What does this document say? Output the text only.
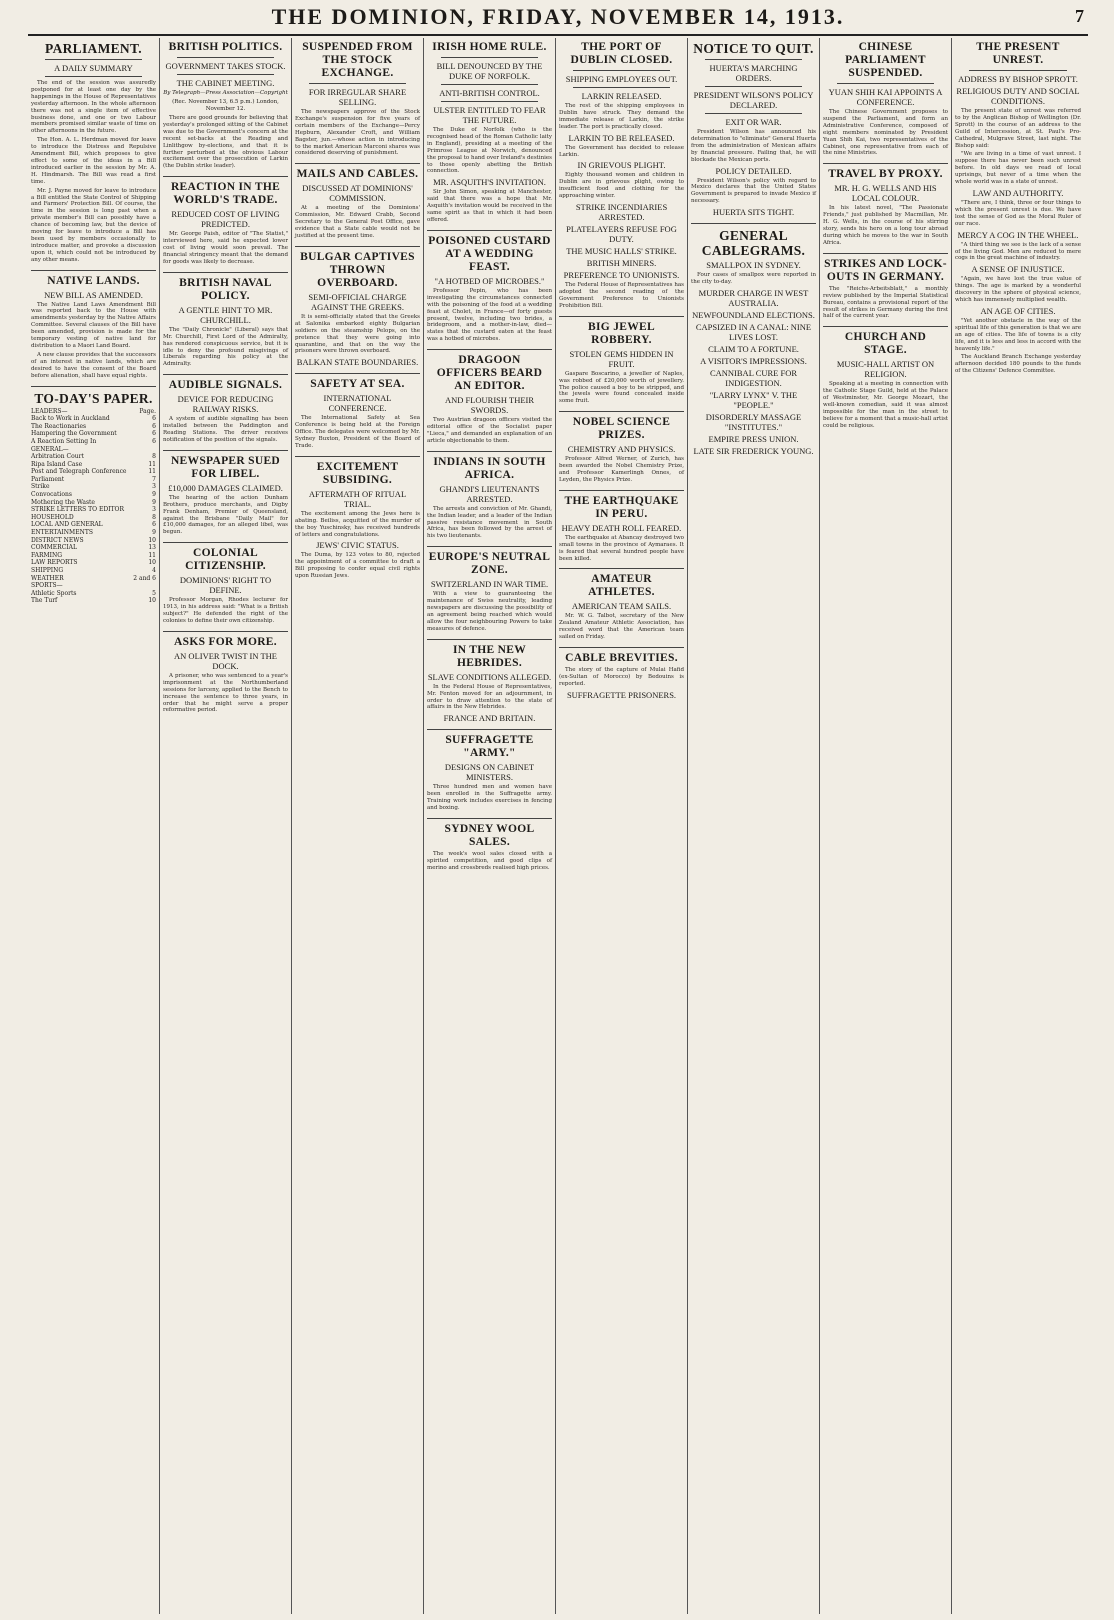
THE DOMINION, FRIDAY, NOVEMBER 14, 1913.	7
PARLIAMENT.
A DAILY SUMMARY

The end of the session was assuredly postponed for at least one day by the happenings in the House of Representatives yesterday afternoon. In the whole afternoon there was not a single item of effective business done, and one or two Labour members promised similar waste of time on other afternoons in the future.

The Hon. A. L. Herdman moved for leave to introduce the Distress and Repulsive Amendment Bill, which proposes to give effect to some of the ideas in a Bill introduced earlier in the session by Mr. A. H. Hindmarsh. The Bill was read a first time.

Mr. J. Payne moved for leave to introduce a Bill entitled the State Control of Shipping and Farmers' Protection Bill. Of course, the time in the session is long past when a private member's Bill can possibly have a chance of becoming law, but the device of moving for leave to introduce a Bill has been used by members occasionally to introduce matter, and provoke a discussion upon it, which could not be introduced by any other means.

NATIVE LANDS.
NEW BILL AS AMENDED.

The Native Land Laws Amendment Bill was reported back to the House with amendments yesterday by the Native Affairs Committee. Several clauses of the Bill have been amended, provision is made for the temporary vesting of native land for distribution to a Maori Land Board.

A new clause provides that the successors of an interest in native lands, which are desired to have the consent of the Board before alienation, shall have equal rights.

TO-DAY'S PAPER.
LEADERS—	Page.
Back to Work in Auckland	6
The Reactionaries	6
Hampering the Government	6
A Reaction Setting In	6
GENERAL—
Arbitration Court	8
Ripa Island Case	11
Post and Telegraph Conference	11
Parliament	7
Strike	3
Convocations	9
Mothering the Waste	9
STRIKE LETTERS TO EDITOR	3
HOUSEHOLD	8
LOCAL AND GENERAL	6
ENTERTAINMENTS	9
DISTRICT NEWS	10
COMMERCIAL	13
FARMING	11
LAW REPORTS	10
SHIPPING	4
WEATHER	2 and 6
SPORTS—
Athletic Sports	5
The Turf	10
BRITISH POLITICS.
GOVERNMENT TAKES STOCK.
THE CABINET MEETING.
By Telegraph—Press Association—Copyright
(Rec. November 13, 6.5 p.m.) London, November 12.

There are good grounds for believing that yesterday's prolonged sitting of the Cabinet was due to the Government's concern at the recent set-backs at the Reading and Linlithgow by-elections, and that it is further perturbed at the obvious Labour excitement over the prosecution of Larkin (the Dublin strike leader).

REACTION IN THE WORLD'S TRADE.
REDUCED COST OF LIVING PREDICTED.

Mr. George Paish, editor of "The Statist," interviewed here, said he expected lower cost of living would soon prevail. The financial stringency meant that the demand for goods was likely to decrease.

BRITISH NAVAL POLICY.
A GENTLE HINT TO MR. CHURCHILL.

The "Daily Chronicle" (Liberal) says that Mr. Churchill, First Lord of the Admiralty, has rendered conspicuous service, but it is idle to deny the profound misgivings of Liberals regarding his policy at the Admiralty.

AUDIBLE SIGNALS.
DEVICE FOR REDUCING RAILWAY RISKS.

A system of audible signalling has been installed between the Paddington and Reading Stations. The driver receives notification of the position of the signals.

NEWSPAPER SUED FOR LIBEL.
£10,000 DAMAGES CLAIMED.

The hearing of the action Dunham Brothers, produce merchants, and Digby Frank Denham, Premier of Queensland, against the Brisbane "Daily Mail" for £10,000 damages, for an alleged libel, was begun.

COLONIAL CITIZENSHIP.
DOMINIONS' RIGHT TO DEFINE.

Professor Morgan, Rhodes lecturer for 1913, in his address said: "What is a British subject?" He defended the right of the colonies to define their own citizenship.

ASKS FOR MORE.
AN OLIVER TWIST IN THE DOCK.

A prisoner, who was sentenced to a year's imprisonment at the Northumberland sessions for larceny, applied to the Bench to increase the sentence to three years, in order that he might serve a proper reformative period.

SUSPENDED FROM THE STOCK EXCHANGE.
FOR IRREGULAR SHARE SELLING.

The newspapers approve of the Stock Exchange's suspension for five years of certain members of the Exchange—Percy Hepburn, Alexander Croft, and William Bagster, jun.—whose action in introducing to the market American Marconi shares was considered deserving of punishment.

MAILS AND CABLES.
DISCUSSED AT DOMINIONS' COMMISSION.

At a meeting of the Dominions' Commission, Mr. Edward Crabb, Second Secretary to the General Post Office, gave evidence that a State cable would not be justified at the present time.

BULGAR CAPTIVES THROWN OVERBOARD.
SEMI-OFFICIAL CHARGE AGAINST THE GREEKS.

It is semi-officially stated that the Greeks at Salonika embarked eighty Bulgarian soldiers on the steamship Pelops, on the pretence that they were going into quarantine, and that on the way the prisoners were thrown overboard.

BALKAN STATE BOUNDARIES.
SAFETY AT SEA.
INTERNATIONAL CONFERENCE.

The International Safety at Sea Conference is being held at the Foreign Office. The delegates were welcomed by Mr. Sydney Buxton, President of the Board of Trade.

EXCITEMENT SUBSIDING.
AFTERMATH OF RITUAL TRIAL.

The excitement among the Jews here is abating. Beiliss, acquitted of the murder of the boy Yuschinsky, has received hundreds of letters and congratulations.

JEWS' CIVIC STATUS.

The Duma, by 123 votes to 80, rejected the appointment of a committee to draft a Bill proposing to confer equal civil rights upon Russian Jews.

IRISH HOME RULE.
BILL DENOUNCED BY THE DUKE OF NORFOLK.
ANTI-BRITISH CONTROL.
ULSTER ENTITLED TO FEAR THE FUTURE.

The Duke of Norfolk (who is the recognised head of the Roman Catholic laity in England), presiding at a meeting of the Primrose League at Norwich, denounced the proposal to hand over Ireland's destinies to those openly abetting the British connection.

MR. ASQUITH'S INVITATION.

Sir John Simon, speaking at Manchester, said that there was a hope that Mr. Asquith's invitation would be received in the same spirit as that in which it had been offered.

POISONED CUSTARD AT A WEDDING FEAST.
"A HOTBED OF MICROBES."

Professor Pepin, who has been investigating the circumstances connected with the poisoning of the food at a wedding feast at Cholet, in France—of forty guests present, twelve, including two brides, a bridegroom, and a mother-in-law, died—states that the custard eaten at the feast was a hotbed of microbes.

DRAGOON OFFICERS BEARD AN EDITOR.
AND FLOURISH THEIR SWORDS.

Two Austrian dragoon officers visited the editorial office of the Socialist paper "Lieca," and demanded an explanation of an article objectionable to them.

INDIANS IN SOUTH AFRICA.
GHANDI'S LIEUTENANTS ARRESTED.

The arrests and conviction of Mr. Ghandi, the Indian leader, and a leader of the Indian passive resistance movement in South Africa, has been followed by the arrest of his two lieutenants.

EUROPE'S NEUTRAL ZONE.
SWITZERLAND IN WAR TIME.

With a view to guaranteeing the maintenance of Swiss neutrality, leading newspapers are discussing the possibility of an agreement being reached which would allow the four neighbouring Powers to take measures of defence.

IN THE NEW HEBRIDES.
SLAVE CONDITIONS ALLEGED.

In the Federal House of Representatives, Mr. Fenton moved for an adjournment, in order to draw attention to the state of affairs in the New Hebrides.

FRANCE AND BRITAIN.
SUFFRAGETTE "ARMY."
DESIGNS ON CABINET MINISTERS.

Three hundred men and women have been enrolled in the Suffragette army. Training work includes exercises in fencing and boxing.

SYDNEY WOOL SALES.

The week's wool sales closed with a spirited competition, and good clips of merino and crossbreds realised high prices.

THE PORT OF DUBLIN CLOSED.
SHIPPING EMPLOYEES OUT.
LARKIN RELEASED.

The rest of the shipping employees in Dublin have struck. They demand the immediate release of Larkin, the strike leader. The port is practically closed.

LARKIN TO BE RELEASED.

The Government has decided to release Larkin.

IN GRIEVOUS PLIGHT.

Eighty thousand women and children in Dublin are in grievous plight, owing to insufficient food and clothing for the approaching winter.

STRIKE INCENDIARIES ARRESTED.
PLATELAYERS REFUSE FOG DUTY.
THE MUSIC HALLS' STRIKE.
BRITISH MINERS.
PREFERENCE TO UNIONISTS.

The Federal House of Representatives has adopted the second reading of the Government Preference to Unionists Prohibition Bill.

BIG JEWEL ROBBERY.
STOLEN GEMS HIDDEN IN FRUIT.

Gaspare Boscarino, a jeweller of Naples, was robbed of £20,000 worth of jewellery. The police caused a boy to be stripped, and the jewels were found concealed inside some fruit.

NOBEL SCIENCE PRIZES.
CHEMISTRY AND PHYSICS.

Professor Alfred Werner, of Zurich, has been awarded the Nobel Chemistry Prize, and Professor Kamerlingh Onnes, of Leyden, the Physics Prize.

THE EARTHQUAKE IN PERU.
HEAVY DEATH ROLL FEARED.

The earthquake at Abancay destroyed two small towns in the province of Aymaraes. It is feared that several hundred people have been killed.

AMATEUR ATHLETES.
AMERICAN TEAM SAILS.

Mr. W. G. Talbot, secretary of the New Zealand Amateur Athletic Association, has received word that the American team sailed on Friday.

CABLE BREVITIES.

The story of the capture of Mulai Hafid (ex-Sultan of Morocco) by Bedouins is reported.

SUFFRAGETTE PRISONERS.
NOTICE TO QUIT.
HUERTA'S MARCHING ORDERS.
PRESIDENT WILSON'S POLICY DECLARED.
EXIT OR WAR.

President Wilson has announced his determination to "eliminate" General Huerta from the administration of Mexican affairs by financial pressure. Failing that, he will blockade the Mexican ports.

POLICY DETAILED.

President Wilson's policy with regard to Mexico declares that the United States Government is prepared to invade Mexico if necessary.

HUERTA SITS TIGHT.
GENERAL CABLEGRAMS.
SMALLPOX IN SYDNEY.

Four cases of smallpox were reported in the city to-day.

MURDER CHARGE IN WEST AUSTRALIA.
NEWFOUNDLAND ELECTIONS.
CAPSIZED IN A CANAL: NINE LIVES LOST.
CLAIM TO A FORTUNE.
A VISITOR'S IMPRESSIONS.
CANNIBAL CURE FOR INDIGESTION.
"LARRY LYNX" V. THE "PEOPLE."
DISORDERLY MASSAGE "INSTITUTES."
EMPIRE PRESS UNION.
LATE SIR FREDERICK YOUNG.
CHINESE PARLIAMENT SUSPENDED.
YUAN SHIH KAI APPOINTS A CONFERENCE.

The Chinese Government proposes to suspend the Parliament, and form an Administrative Conference, composed of eight members nominated by President Yuan Shih Kai, two representatives of the Cabinet, one representative from each of the nine Ministries.

TRAVEL BY PROXY.
MR. H. G. WELLS AND HIS LOCAL COLOUR.

In his latest novel, "The Passionate Friends," just published by Macmillan, Mr. H. G. Wells, in the course of his stirring story, sends his hero on a long tour abroad during which he moves to the war in South Africa.

STRIKES AND LOCK-OUTS IN GERMANY.

The "Reichs-Arbeitsblatt," a monthly review published by the Imperial Statistical Bureau, contains a provisional report of the result of strikes in Germany during the first half of the current year.

CHURCH AND STAGE.
MUSIC-HALL ARTIST ON RELIGION.

Speaking at a meeting in connection with the Catholic Stage Guild, held at the Palace of Westminster, Mr. George Mozart, the well-known comedian, said it was almost impossible for the man in the street to believe for a moment that a music-hall artist could be religious.

THE PRESENT UNREST.
ADDRESS BY BISHOP SPROTT.
RELIGIOUS DUTY AND SOCIAL CONDITIONS.

The present state of unrest was referred to by the Anglican Bishop of Wellington (Dr. Sprott) in the course of an address to the Guild of Intercession, at St. Paul's Pro-Cathedral, Mulgrave Street, last night. The Bishop said:

"We are living in a time of vast unrest. I suppose there has never been such unrest before. In old days we read of local uprisings, but never of a time when the whole world was in a state of unrest.

LAW AND AUTHORITY.

"There are, I think, three or four things to which the present unrest is due. We have lost the sense of God as the Moral Ruler of our race.

MERCY A COG IN THE WHEEL.

"A third thing we see is the lack of a sense of the living God. Men are reduced to mere cogs in the great machine of industry.

A SENSE OF INJUSTICE.

"Again, we have lost the true value of things. The age is marked by a wonderful discovery in the sphere of physical science, which has immensely multiplied wealth.

AN AGE OF CITIES.

"Yet another obstacle in the way of the spiritual life of this generation is that we are an age of cities. The life of towns is a city life, and it is less and less in accord with the heavenly life."

The Auckland Branch Exchange yesterday afternoon decided 180 pounds to the funds of the Citizens' Defence Committee.
